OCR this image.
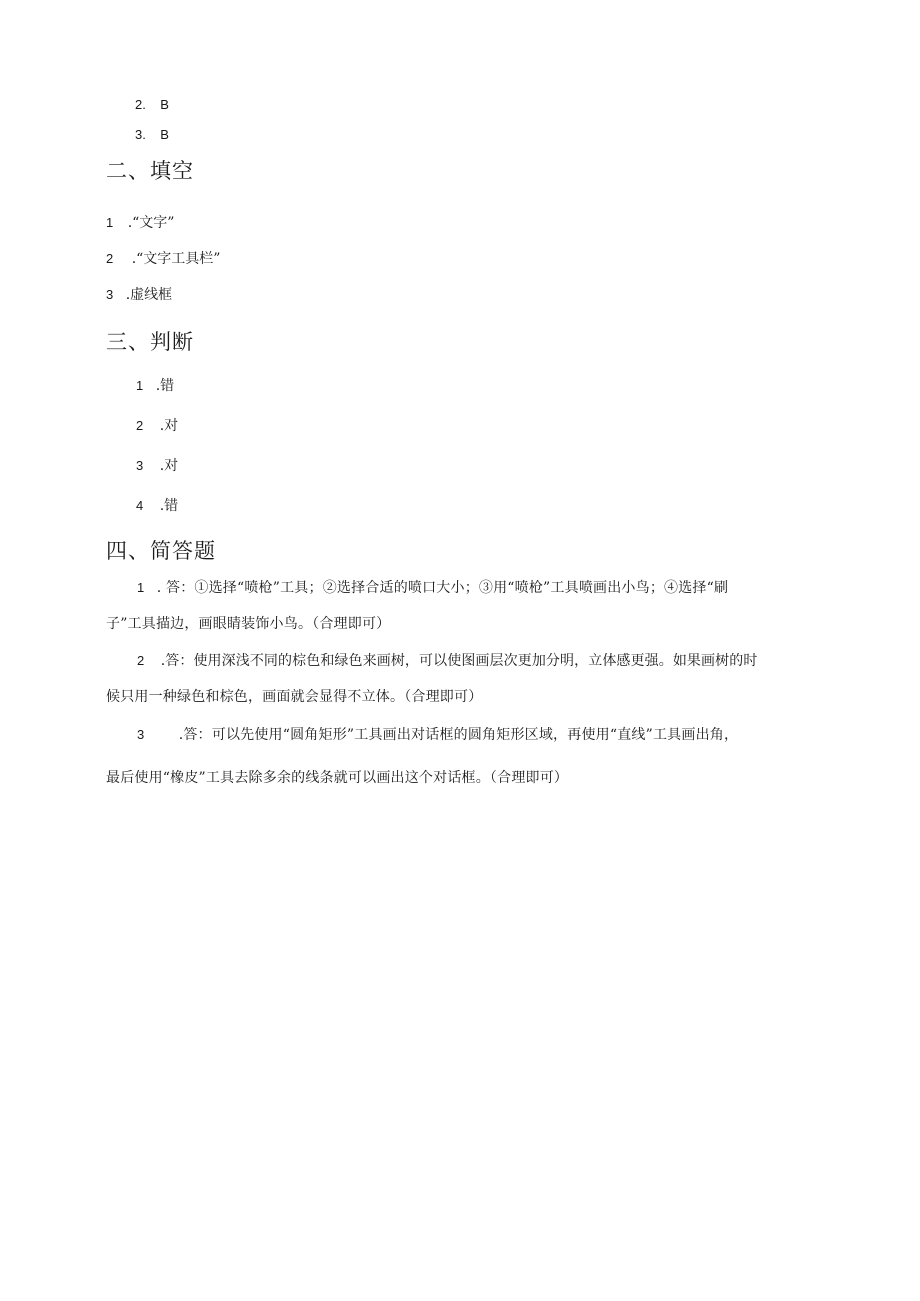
2. B
3. B
二、填空
1 .“文字”
2 .“文字工具栏”
3 .虚线框
三、判断
1 .错
2 .对
3 .对
4 .错
四、简答题
1 . 答：①选择“喷枪”工具；②选择合适的喷口大小；③用“喷枪”工具喷画出小鸟；④选择“刷
子”工具描边，画眼睛装饰小鸟。（合理即可）
2 .答：使用深浅不同的棕色和绿色来画树，可以使图画层次更加分明，立体感更强。如果画树的时
候只用一种绿色和棕色，画面就会显得不立体。（合理即可）
3 .答：可以先使用“圆角矩形”工具画出对话框的圆角矩形区域，再使用“直线”工具画出角，
最后使用“橡皮”工具去除多余的线条就可以画出这个对话框。（合理即可）
